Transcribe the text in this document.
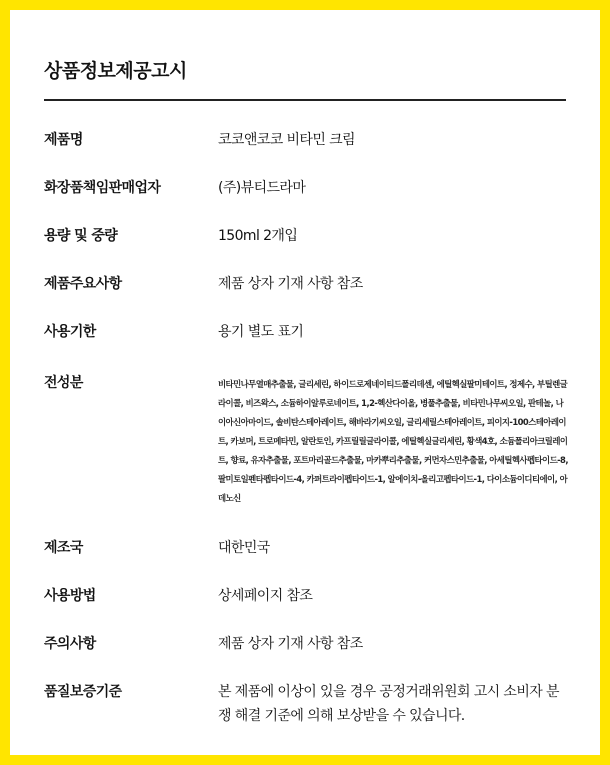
상품정보제공고시
제품명	코코앤코코 비타민 크림
화장품책임판매업자	(주)뷰티드라마
용량 및 중량	150ml 2개입
제품주요사항	제품 상자 기재 사항 참조
사용기한	용기 별도 표기
전성분	비타민나무열매추출물, 글리세린, 하이드로제네이티드폴리데센, 에틸헥실팔미테이트, 정제수, 부틸렌글라이콜, 비즈왁스, 소듐하이알루로네이트, 1,2-헥산다이올, 병풀추출물, 비타민나무씨오일, 판테놀, 나이아신아마이드, 솔비탄스테아레이트, 해바라기씨오일, 글리세릴스테아레이트, 피이지-100스테아레이트, 카보머, 트로메타민, 알란토인, 카프릴릴글라이콜, 에틸헥실글리세린, 황색4호, 소듐폴리아크릴레이트, 향료, 유자추출물, 포트마리골드추출물, 마카뿌리추출물, 커먼자스민추출물, 아세틸헥사펩타이드-8, 팔미토일펜타펩타이드-4, 카퍼트라이펩타이드-1, 알에이치-올리고펩타이드-1, 다이소듐이디티에이, 아데노신
제조국	대한민국
사용방법	상세페이지 참조
주의사항	제품 상자 기재 사항 참조
품질보증기준	본 제품에 이상이 있을 경우 공정거래위원회 고시 소비자 분쟁 해결 기준에 의해 보상받을 수 있습니다.
